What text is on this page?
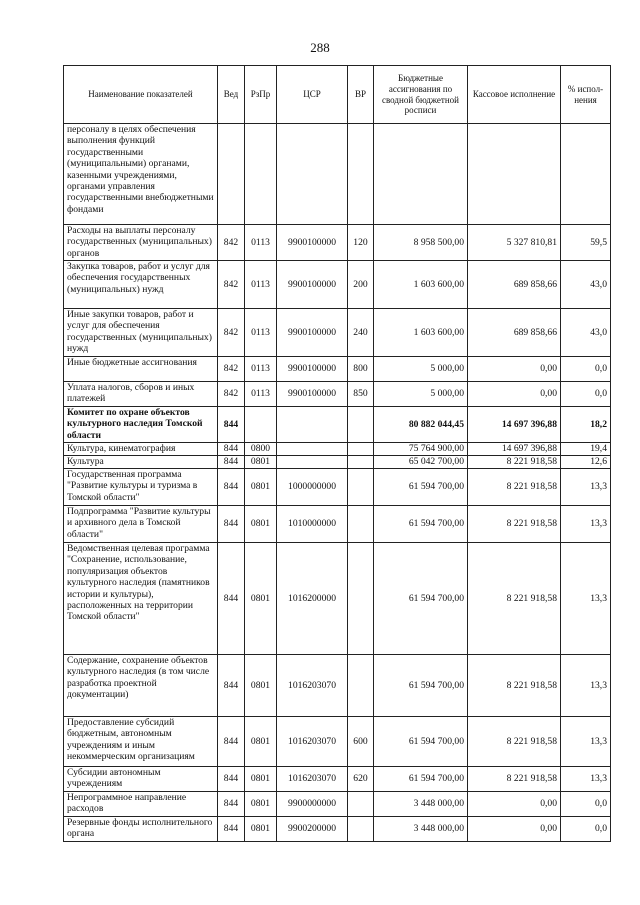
288
Наименование показателей	Вед	РзПр	ЦСР	ВР	Бюджетные ассигнования по сводной бюджетной росписи	Кассовое исполнение	% испол-нения
персоналу в целях обеспечения выполнения функций государственными (муниципальными) органами, казенными учреждениями, органами управления государственными внебюджетными фондами							
Расходы на выплаты персоналу государственных (муниципальных) органов	842	0113	9900100000	120	8 958 500,00	5 327 810,81	59,5
Закупка товаров, работ и услуг для обеспечения государственных (муниципальных) нужд	842	0113	9900100000	200	1 603 600,00	689 858,66	43,0
Иные закупки товаров, работ и услуг для обеспечения государственных (муниципальных) нужд	842	0113	9900100000	240	1 603 600,00	689 858,66	43,0
Иные бюджетные ассигнования	842	0113	9900100000	800	5 000,00	0,00	0,0
Уплата налогов, сборов и иных платежей	842	0113	9900100000	850	5 000,00	0,00	0,0
Комитет по охране объектов культурного наследия Томской области	844				80 882 044,45	14 697 396,88	18,2
Культура, кинематография	844	0800			75 764 900,00	14 697 396,88	19,4
Культура	844	0801			65 042 700,00	8 221 918,58	12,6
Государственная программа "Развитие культуры и туризма в Томской области"	844	0801	1000000000		61 594 700,00	8 221 918,58	13,3
Подпрограмма "Развитие культуры и архивного дела в Томской области"	844	0801	1010000000		61 594 700,00	8 221 918,58	13,3
Ведомственная целевая программа "Сохранение, использование, популяризация объектов культурного наследия (памятников истории и культуры), расположенных на территории Томской области"	844	0801	1016200000		61 594 700,00	8 221 918,58	13,3
Содержание, сохранение объектов культурного наследия (в том числе разработка проектной документации)	844	0801	1016203070		61 594 700,00	8 221 918,58	13,3
Предоставление субсидий бюджетным, автономным учреждениям и иным некоммерческим организациям	844	0801	1016203070	600	61 594 700,00	8 221 918,58	13,3
Субсидии автономным учреждениям	844	0801	1016203070	620	61 594 700,00	8 221 918,58	13,3
Непрограммное направление расходов	844	0801	9900000000		3 448 000,00	0,00	0,0
Резервные фонды исполнительного органа	844	0801	9900200000		3 448 000,00	0,00	0,0
